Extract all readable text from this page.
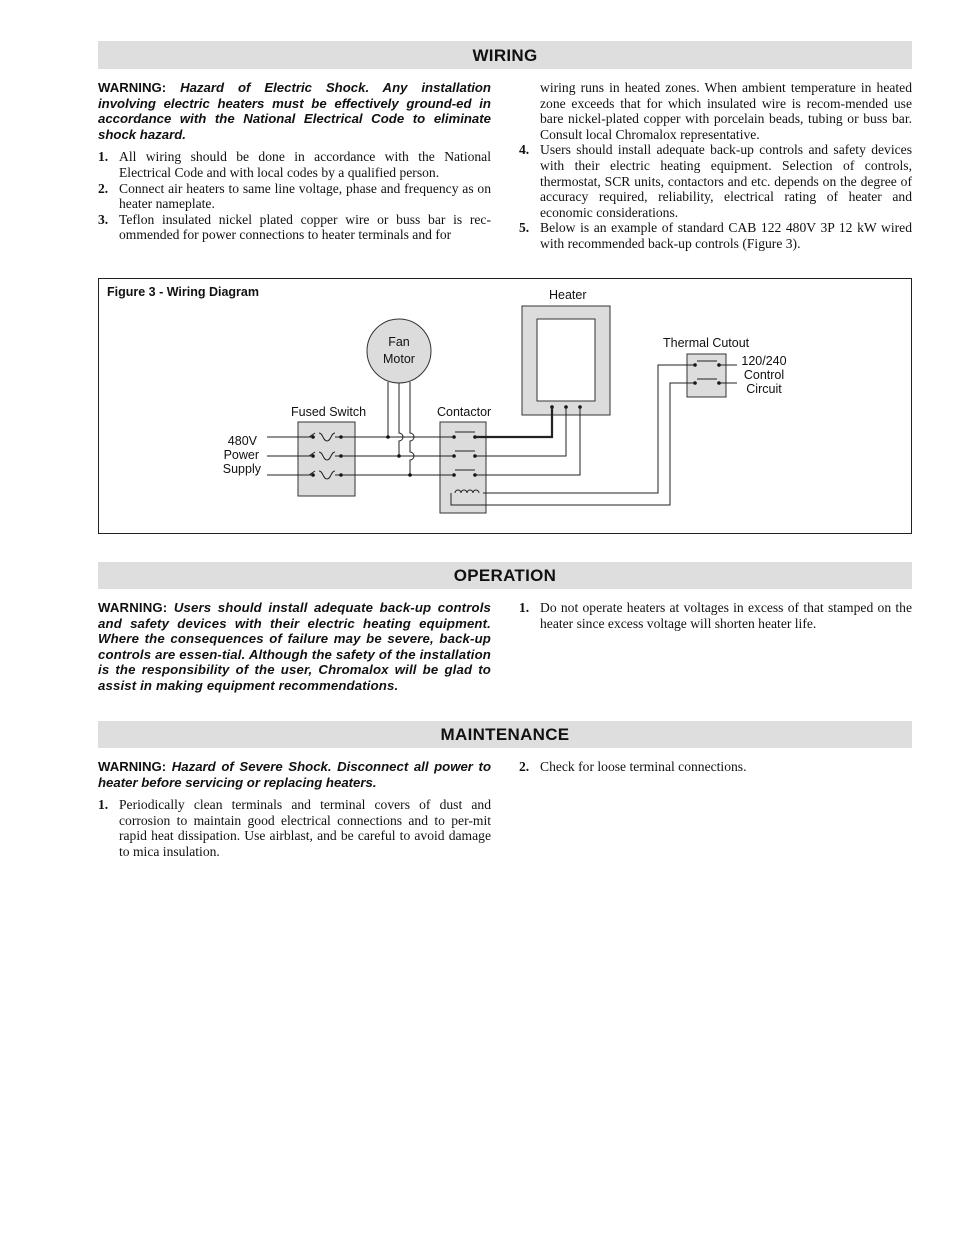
WIRING

WARNING: Hazard of Electric Shock. Any installation involving electric heaters must be effectively ground-ed in accordance with the National Electrical Code to eliminate shock hazard.

1. All wiring should be done in accordance with the National Electrical Code and with local codes by a qualified person.
2. Connect air heaters to same line voltage, phase and frequency as on heater nameplate.
3. Teflon insulated nickel plated copper wire or buss bar is rec-ommended for power connections to heater terminals and for
wiring runs in heated zones. When ambient temperature in heated zone exceeds that for which insulated wire is recom-mended use bare nickel-plated copper with porcelain beads, tubing or buss bar. Consult local Chromalox representative.
4. Users should install adequate back-up controls and safety devices with their electric heating equipment. Selection of controls, thermostat, SCR units, contactors and etc. depends on the degree of accuracy required, reliability, electrical rating of heater and economic considerations.
5. Below is an example of standard CAB 122 480V 3P 12 kW wired with recommended back-up controls (Figure 3).
Figure 3 - Wiring Diagram	Heater
Fan
Motor
Thermal Cutout
120/240
Control
Circuit
Fused Switch
480V
Power
Supply
Contactor
OPERATION

WARNING: Users should install adequate back-up controls and safety devices with their electric heating equipment. Where the consequences of failure may be severe, back-up controls are essen-tial. Although the safety of the installation is the responsibility of the user, Chromalox will be glad to assist in making equipment recommendations.

1. Do not operate heaters at voltages in excess of that stamped on the heater since excess voltage will shorten heater life.
MAINTENANCE

WARNING: Hazard of Severe Shock. Disconnect all power to heater before servicing or replacing heaters.

1. Periodically clean terminals and terminal covers of dust and corrosion to maintain good electrical connections and to per-mit rapid heat dissipation. Use airblast, and be careful to avoid damage to mica insulation.
2. Check for loose terminal connections.
